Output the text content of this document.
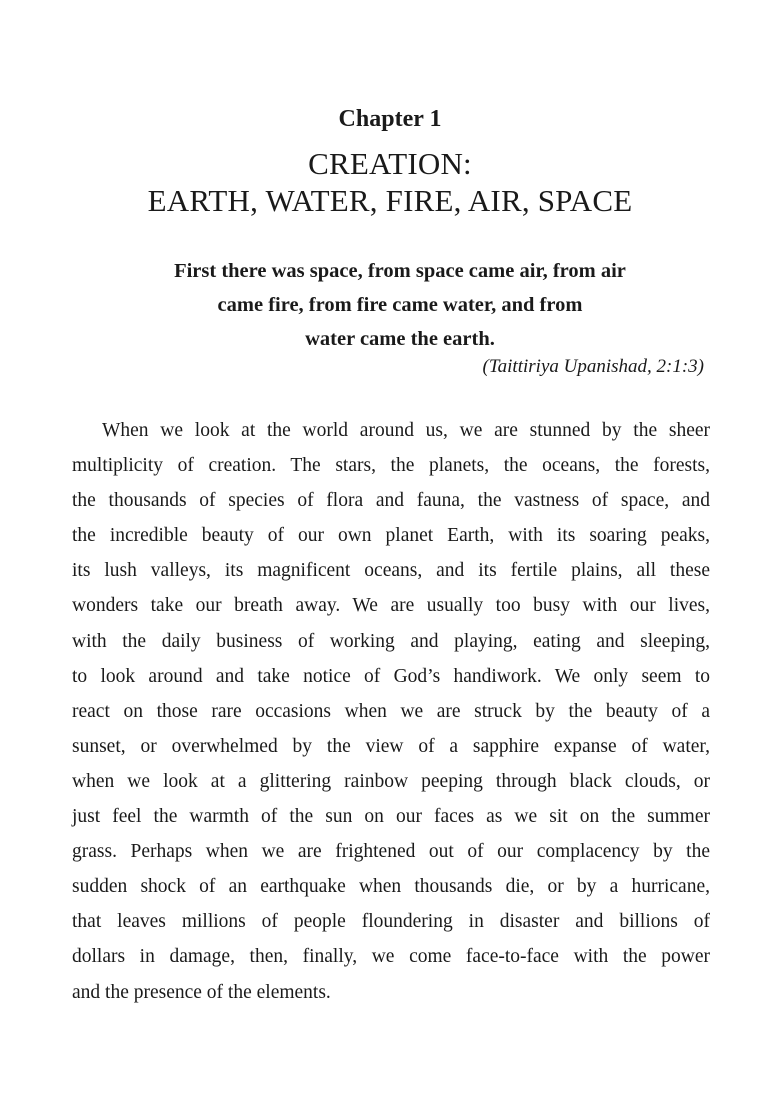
Chapter 1
CREATION:
EARTH, WATER, FIRE, AIR, SPACE
First there was space, from space came air, from air
came fire, from fire came water, and from
water came the earth.
(Taittiriya Upanishad, 2:1:3)
When we look at the world around us, we are stunned by the sheer
multiplicity of creation. The stars, the planets, the oceans, the forests,
the thousands of species of flora and fauna, the vastness of space, and
the incredible beauty of our own planet Earth, with its soaring peaks,
its lush valleys, its magnificent oceans, and its fertile plains, all these
wonders take our breath away. We are usually too busy with our lives,
with the daily business of working and playing, eating and sleeping,
to look around and take notice of God’s handiwork. We only seem to
react on those rare occasions when we are struck by the beauty of a
sunset, or overwhelmed by the view of a sapphire expanse of water,
when we look at a glittering rainbow peeping through black clouds, or
just feel the warmth of the sun on our faces as we sit on the summer
grass. Perhaps when we are frightened out of our complacency by the
sudden shock of an earthquake when thousands die, or by a hurricane,
that leaves millions of people floundering in disaster and billions of
dollars in damage, then, finally, we come face-to-face with the power
and the presence of the elements.
